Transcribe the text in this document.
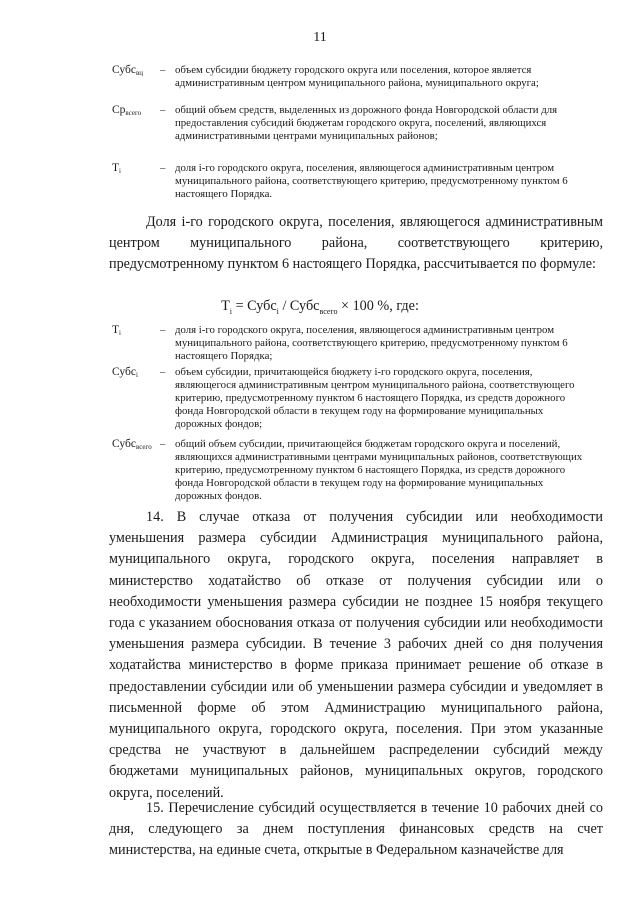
11
Субс$_{вц}$ – объем субсидии бюджету городского округа или поселения, которое является административным центром муниципального района, муниципального округа;
$Ср_{всего}$ – общий объем средств, выделенных из дорожного фонда Новгородской области для предоставления субсидий бюджетам городского округа, поселений, являющихся административными центрами муниципальных районов;
$T_i$	– доля i-го городского округа, поселения, являющегося административным центром муниципального района, соответствующего критерию, предусмотренному пунктом 6 настоящего Порядка.

Доля i-го городского округа, поселения, являющегося административным центром муниципального района, соответствующего критерию, предусмотренному пунктом 6 настоящего Порядка, рассчитывается по формуле:

$T_i$ = Субс$_i$ / Субс$_{всего}$ × 100 %, где:
$T_i$	– доля i-го городского округа, поселения, являющегося административным центром муниципального района, соответствующего критерию, предусмотренному пунктом 6 настоящего Порядка;
Субс$_i$ – объем субсидии, причитающейся бюджету i-го городского округа, поселения, являющегося административным центром муниципального района, соответствующего критерию, предусмотренному пунктом 6 настоящего Порядка, из средств дорожного фонда Новгородской области в текущем году на формирование муниципальных дорожных фондов;
Субс$_{всего}$ – общий объем субсидии, причитающейся бюджетам городского округа и поселений, являющихся административными центрами муниципальных районов, соответствующих критерию, предусмотренному пунктом 6 настоящего Порядка, из средств дорожного фонда Новгородской области в текущем году на формирование муниципальных дорожных фондов.

14. В случае отказа от получения субсидии или необходимости уменьшения размера субсидии Администрация муниципального района, муниципального округа, городского округа, поселения направляет в министерство ходатайство об отказе от получения субсидии или о необходимости уменьшения размера субсидии не позднее 15 ноября текущего года с указанием обоснования отказа от получения субсидии или необходимости уменьшения размера субсидии. В течение 3 рабочих дней со дня получения ходатайства министерство в форме приказа принимает решение об отказе в предоставлении субсидии или об уменьшении размера субсидии и уведомляет в письменной форме об этом Администрацию муниципального района, муниципального округа, городского округа, поселения. При этом указанные средства не участвуют в дальнейшем распределении субсидий между бюджетами муниципальных районов, муниципальных округов, городского округа, поселений.

15. Перечисление субсидий осуществляется в течение 10 рабочих дней со дня, следующего за днем поступления финансовых средств на счет министерства, на единые счета, открытые в Федеральном казначействе для
